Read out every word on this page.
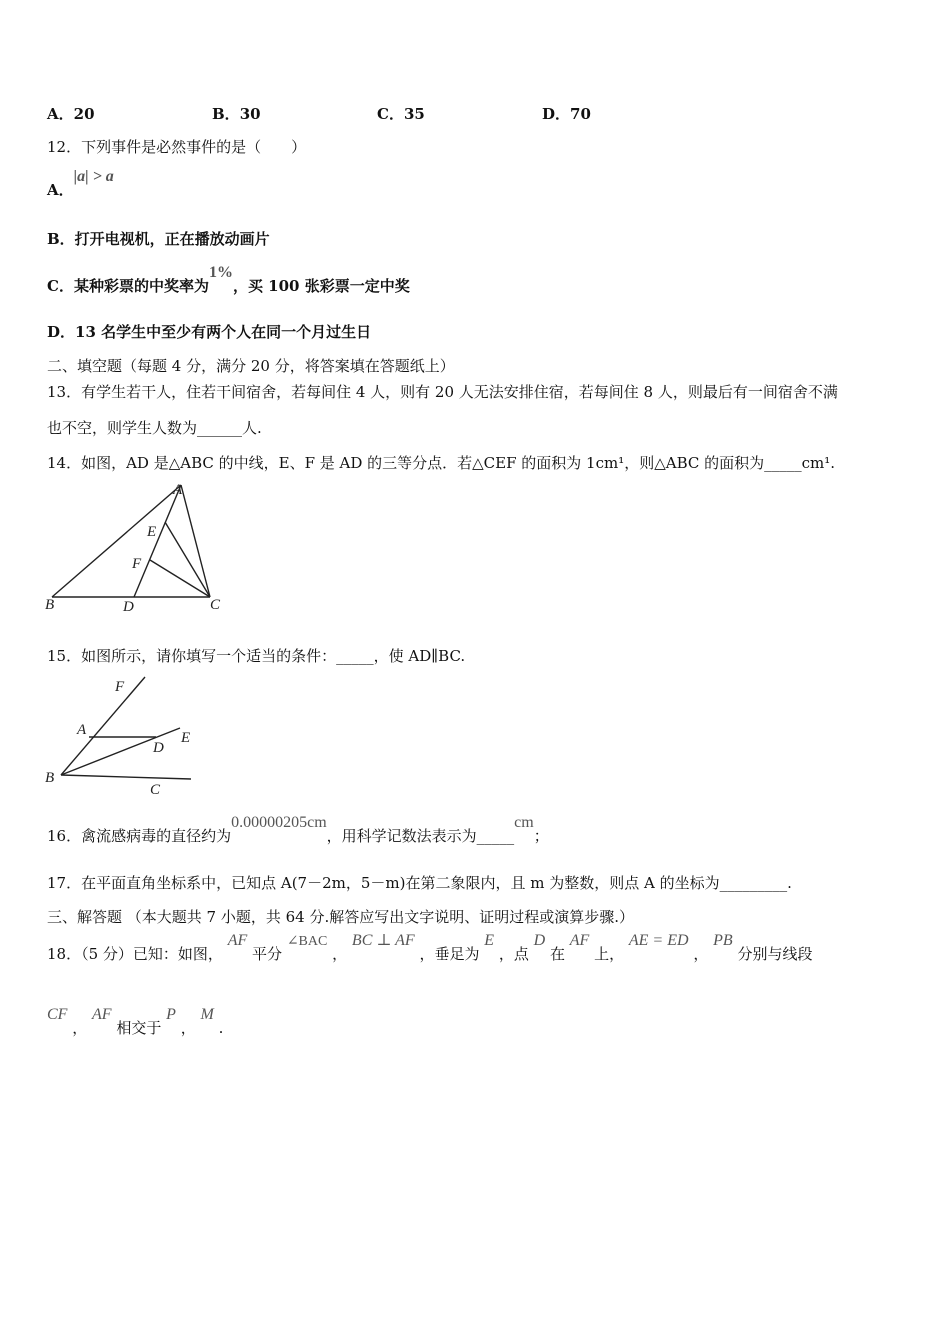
A．20	B．30	C．35	D．70
12．下列事件是必然事件的是（　　）
A．|a| > a
B．打开电视机，正在播放动画片
C．某种彩票的中奖率为1%，买 100 张彩票一定中奖
D．13 名学生中至少有两个人在同一个月过生日
二、填空题（每题 4 分，满分 20 分，将答案填在答题纸上）
13．有学生若干人，住若干间宿舍，若每间住 4 人，则有 20 人无法安排住宿，若每间住 8 人，则最后有一间宿舍不满
也不空，则学生人数为______人.
14．如图，AD 是△ABC 的中线，E、F 是 AD 的三等分点．若△CEF 的面积为 1cm¹，则△ABC 的面积为_____cm¹.
A
B	C
D
E
F
15．如图所示，请你填写一个适当的条件：_____，使 AD∥BC.
F
A
D
E
B
C
16．禽流感病毒的直径约为0.00000205cm，用科学记数法表示为_____cm；
17．在平面直角坐标系中，已知点 A(7－2m，5－m)在第二象限内，且 m 为整数，则点 A 的坐标为_________.
三、解答题 （本大题共 7 小题，共 64 分.解答应写出文字说明、证明过程或演算步骤.）
18．（5 分）已知：如图， AF 平分 ∠BAC ， BC ⊥ AF ，垂足为 E ，点 D 在 AF 上， AE = ED ， PB 分别与线段
CF ， AF 相交于 P ， M .
